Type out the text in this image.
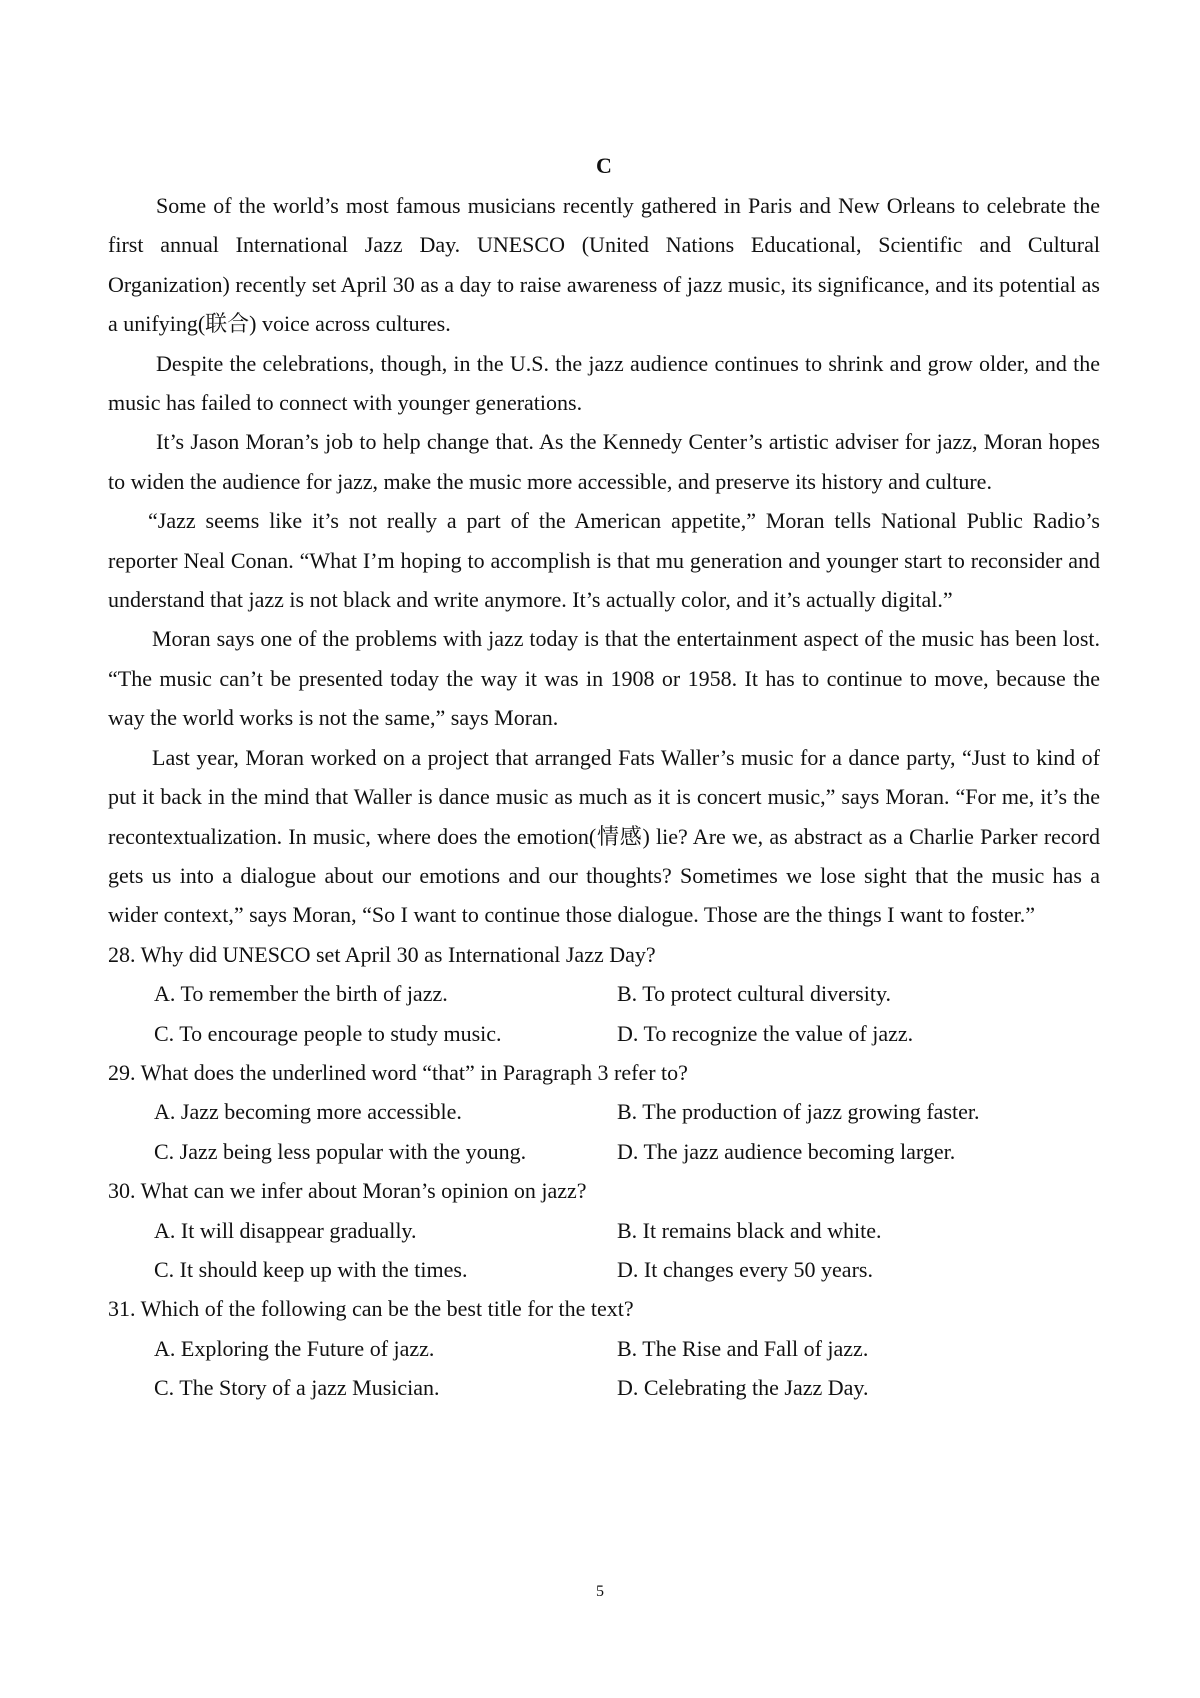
C

Some of the world’s most famous musicians recently gathered in Paris and New Orleans to celebrate the first annual International Jazz Day. UNESCO (United Nations Educational, Scientific and Cultural Organization) recently set April 30 as a day to raise awareness of jazz music, its significance, and its potential as a unifying(联合) voice across cultures.

Despite the celebrations, though, in the U.S. the jazz audience continues to shrink and grow older, and the music has failed to connect with younger generations.

It’s Jason Moran’s job to help change that. As the Kennedy Center’s artistic adviser for jazz, Moran hopes to widen the audience for jazz, make the music more accessible, and preserve its history and culture.

“Jazz seems like it’s not really a part of the American appetite,” Moran tells National Public Radio’s reporter Neal Conan. “What I’m hoping to accomplish is that mu generation and younger start to reconsider and understand that jazz is not black and write anymore. It’s actually color, and it’s actually digital.”

Moran says one of the problems with jazz today is that the entertainment aspect of the music has been lost. “The music can’t be presented today the way it was in 1908 or 1958. It has to continue to move, because the way the world works is not the same,” says Moran.

Last year, Moran worked on a project that arranged Fats Waller’s music for a dance party, “Just to kind of put it back in the mind that Waller is dance music as much as it is concert music,” says Moran. “For me, it’s the recontextualization. In music, where does the emotion(情感) lie? Are we, as abstract as a Charlie Parker record gets us into a dialogue about our emotions and our thoughts? Sometimes we lose sight that the music has a wider context,” says Moran, “So I want to continue those dialogue. Those are the things I want to foster.”

28. Why did UNESCO set April 30 as International Jazz Day?

A. To remember the birth of jazz.	B. To protect cultural diversity.
C. To encourage people to study music.	D. To recognize the value of jazz.

29. What does the underlined word “that” in Paragraph 3 refer to?

A. Jazz becoming more accessible.	B. The production of jazz growing faster.
C. Jazz being less popular with the young.	D. The jazz audience becoming larger.

30. What can we infer about Moran’s opinion on jazz?

A. It will disappear gradually.	B. It remains black and white.
C. It should keep up with the times.	D. It changes every 50 years.

31. Which of the following can be the best title for the text?

A. Exploring the Future of jazz.	B. The Rise and Fall of jazz.
C. The Story of a jazz Musician.	D. Celebrating the Jazz Day.
5
